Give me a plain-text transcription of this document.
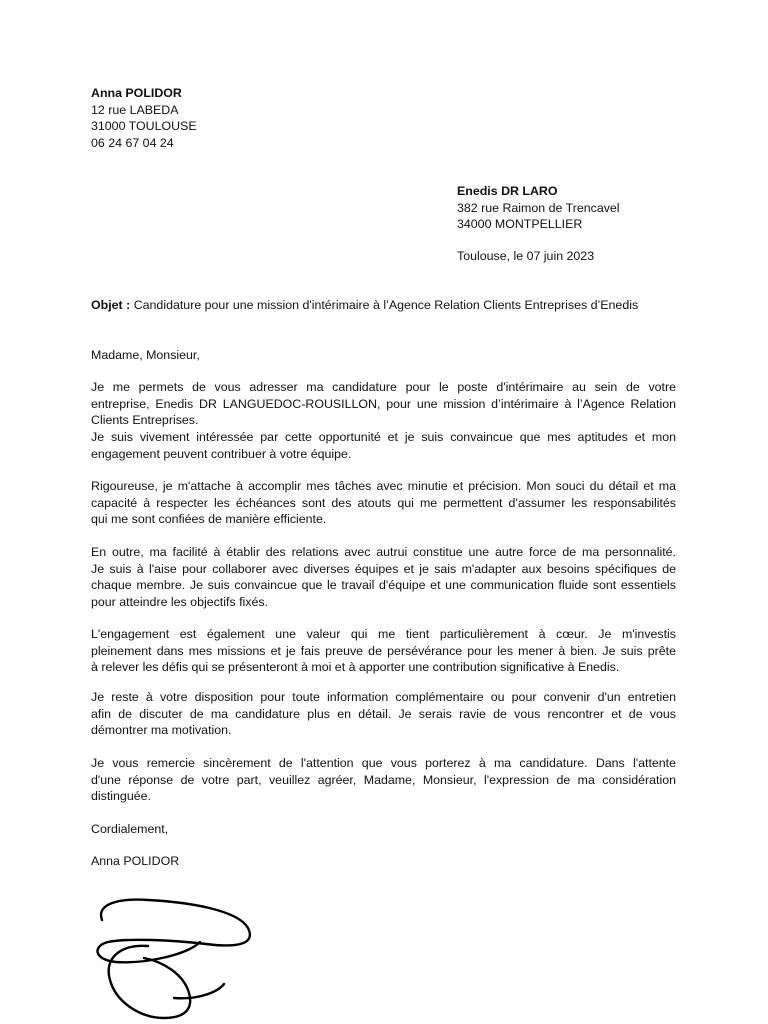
Anna POLIDOR
12 rue LABEDA
31000 TOULOUSE
06 24 67 04 24
Enedis DR LARO
382 rue Raimon de Trencavel
34000 MONTPELLIER
Toulouse, le 07 juin 2023
Objet : Candidature pour une mission d'intérimaire à l’Agence Relation Clients Entreprises d’Enedis
Madame, Monsieur,
Je me permets de vous adresser ma candidature pour le poste d'intérimaire au sein de votre
entreprise, Enedis DR LANGUEDOC-ROUSILLON, pour une mission d’intérimaire à l’Agence Relation
Clients Entreprises.
Je suis vivement intéressée par cette opportunité et je suis convaincue que mes aptitudes et mon
engagement peuvent contribuer à votre équipe.
Rigoureuse, je m'attache à accomplir mes tâches avec minutie et précision. Mon souci du détail et ma
capacité à respecter les échéances sont des atouts qui me permettent d'assumer les responsabilités
qui me sont confiées de manière efficiente.
En outre, ma facilité à établir des relations avec autrui constitue une autre force de ma personnalité.
Je suis à l'aise pour collaborer avec diverses équipes et je sais m'adapter aux besoins spécifiques de
chaque membre. Je suis convaincue que le travail d'équipe et une communication fluide sont essentiels
pour atteindre les objectifs fixés.
L'engagement est également une valeur qui me tient particulièrement à cœur. Je m'investis
pleinement dans mes missions et je fais preuve de persévérance pour les mener à bien. Je suis prête
à relever les défis qui se présenteront à moi et à apporter une contribution significative à Enedis.
Je reste à votre disposition pour toute information complémentaire ou pour convenir d'un entretien
afin de discuter de ma candidature plus en détail. Je serais ravie de vous rencontrer et de vous
démontrer ma motivation.
Je vous remercie sincèrement de l'attention que vous porterez à ma candidature. Dans l'attente
d'une réponse de votre part, veuillez agréer, Madame, Monsieur, l'expression de ma considération
distinguée.
Cordialement,
Anna POLIDOR
